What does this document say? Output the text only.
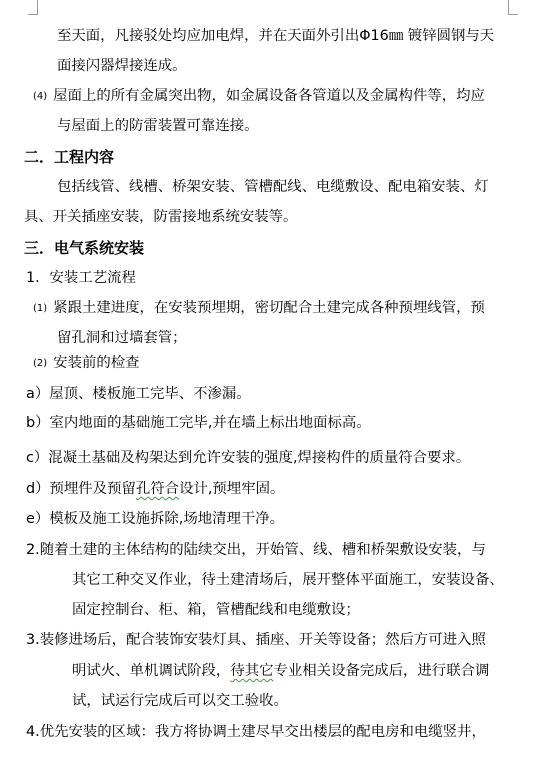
至天面，凡接驳处均应加电焊，并在天面外引出Φ16㎜ 镀锌圆钢与天
面接闪器焊接连成。
(4) 屋面上的所有金属突出物，如金属设备各管道以及金属构件等，均应
与屋面上的防雷装置可靠连接。
二．工程内容
包括线管、线槽、桥架安装、管槽配线、电缆敷设、配电箱安装、灯
具、开关插座安装，防雷接地系统安装等。
三．电气系统安装
1．安装工艺流程
(1) 紧跟土建进度，在安装预埋期，密切配合土建完成各种预埋线管，预
留孔洞和过墙套管；
(2) 安装前的检查
a）屋顶、楼板施工完毕、不渗漏。
b）室内地面的基础施工完毕,并在墙上标出地面标高。
c）混凝土基础及构架达到允许安装的强度,焊接构件的质量符合要求。
d）预埋件及预留孔符合设计,预埋牢固。
e）模板及施工设施拆除,场地清理干净。
2.随着土建的主体结构的陆续交出，开始管、线、槽和桥架敷设安装，与
其它工种交叉作业，待土建清场后，展开整体平面施工，安装设备、
固定控制台、柜、箱，管槽配线和电缆敷设；
3.装修进场后，配合装饰安装灯具、插座、开关等设备；然后方可进入照
明试火、单机调试阶段，待其它专业相关设备完成后，进行联合调
试，试运行完成后可以交工验收。
4.优先安装的区域：我方将协调土建尽早交出楼层的配电房和电缆竖井，
